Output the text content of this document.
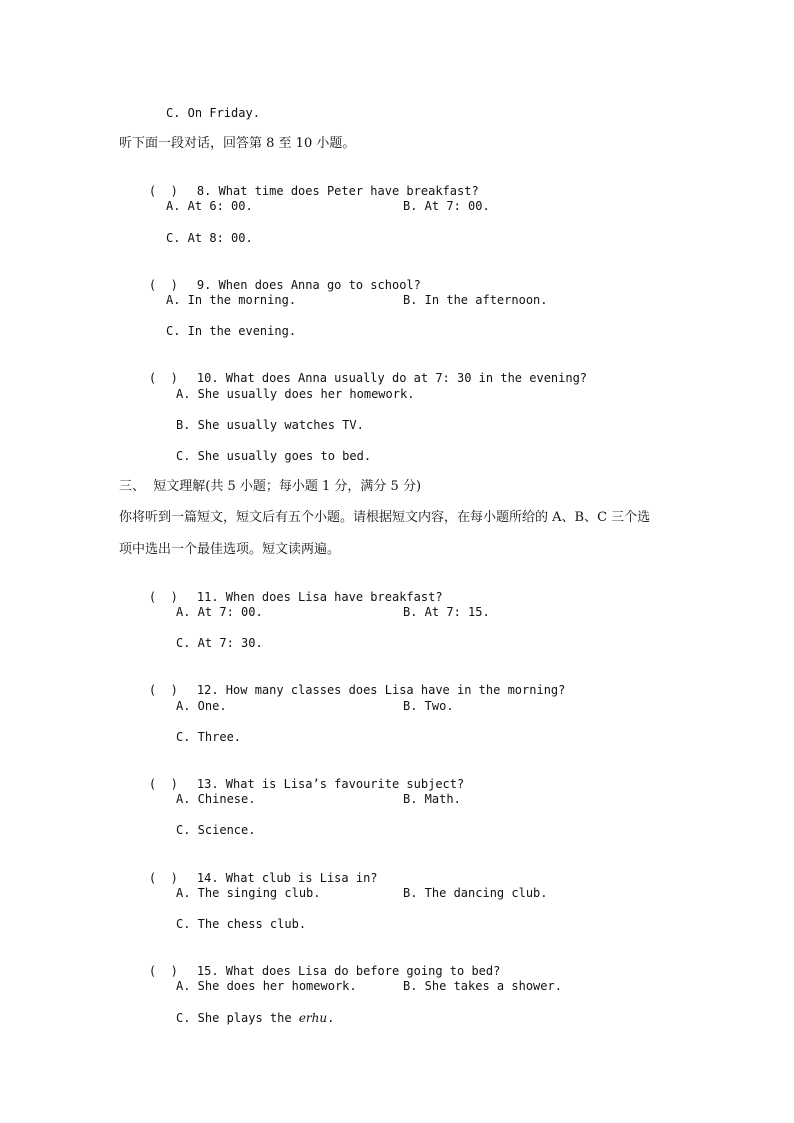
C. On Friday.
听下面一段对话，回答第 8 至 10 小题。

(  ) 8. What time does Peter have breakfast?

A. At 6: 00.	B. At 7: 00.
C. At 8: 00.

(  ) 9. When does Anna go to school?

A. In the morning.	B. In the afternoon.
C. In the evening.

(  ) 10. What does Anna usually do at 7: 30 in the evening?

A. She usually does her homework.
B. She usually watches TV.
C. She usually goes to bed.
三、  短文理解(共 5 小题；每小题 1 分，满分 5 分)
你将听到一篇短文，短文后有五个小题。请根据短文内容，在每小题所给的 A、B、C 三个选
项中选出一个最佳选项。短文读两遍。

(  ) 11. When does Lisa have breakfast?

A. At 7: 00.	B. At 7: 15.
C. At 7: 30.

(  ) 12. How many classes does Lisa have in the morning?

A. One.	B. Two.
C. Three.

(  ) 13. What is Lisa’s favourite subject?

A. Chinese.	B. Math.
C. Science.

(  ) 14. What club is Lisa in?

A. The singing club.	B. The dancing club.
C. The chess club.

(  ) 15. What does Lisa do before going to bed?

A. She does her homework.	B. She takes a shower.
C. She plays the erhu.
